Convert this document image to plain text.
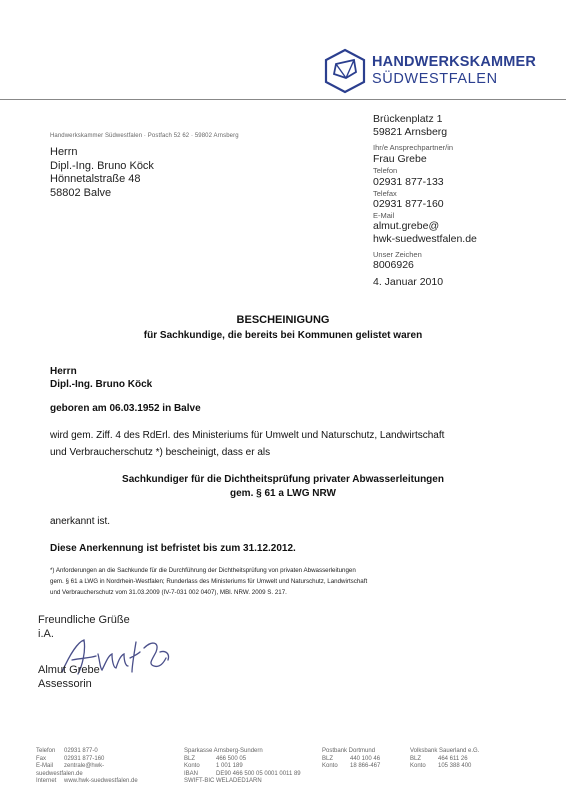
HANDWERKSKAMMER
SÜDWESTFALEN
Brückenplatz 1
59821 Arnsberg
Ihr/e Ansprechpartner/in
Frau Grebe
Telefon
02931 877-133
Telefax
02931 877-160
E-Mail
almut.grebe@
hwk-suedwestfalen.de
Unser Zeichen
8006926
4. Januar 2010
Handwerkskammer Südwestfalen · Postfach 52 62 · 59802 Arnsberg
Herrn
Dipl.-Ing. Bruno Köck
Hönnetalstraße 48
58802 Balve
BESCHEINIGUNG
für Sachkundige, die bereits bei Kommunen gelistet waren
Herrn
Dipl.-Ing. Bruno Köck
geboren am 06.03.1952 in Balve
wird gem. Ziff. 4 des RdErl. des Ministeriums für Umwelt und Naturschutz, Landwirtschaft
und Verbraucherschutz *) bescheinigt, dass er als
Sachkundiger für die Dichtheitsprüfung privater Abwasserleitungen
gem. § 61 a LWG NRW
anerkannt ist.
Diese Anerkennung ist befristet bis zum 31.12.2012.
*) Anforderungen an die Sachkunde für die Durchführung der Dichtheitsprüfung von privaten Abwasserleitungen
gem. § 61 a LWG in Nordrhein-Westfalen; Runderlass des Ministeriums für Umwelt und Naturschutz, Landwirtschaft
und Verbraucherschutz vom 31.03.2009 (IV-7-031 002 0407), MBl. NRW. 2009 S. 217.
Freundliche Grüße
i.A.
Almut Grebe
Assessorin
Telefon 02931 877-0
Fax	02931 877-160
E-Mail zentrale@hwk-suedwestfalen.de
Internet www.hwk-suedwestfalen.de
Sparkasse Arnsberg-Sundern
BLZ	466 500 05
Konto	1 001 189
IBAN	DE90 466 500 05 0001 0011 89
SWIFT-BIC WELADED1ARN
Postbank Dortmund
BLZ	440 100 46
Konto 18 866-467
Volksbank Sauerland e.G.
BLZ	464 611 26
Konto 105 388 400
